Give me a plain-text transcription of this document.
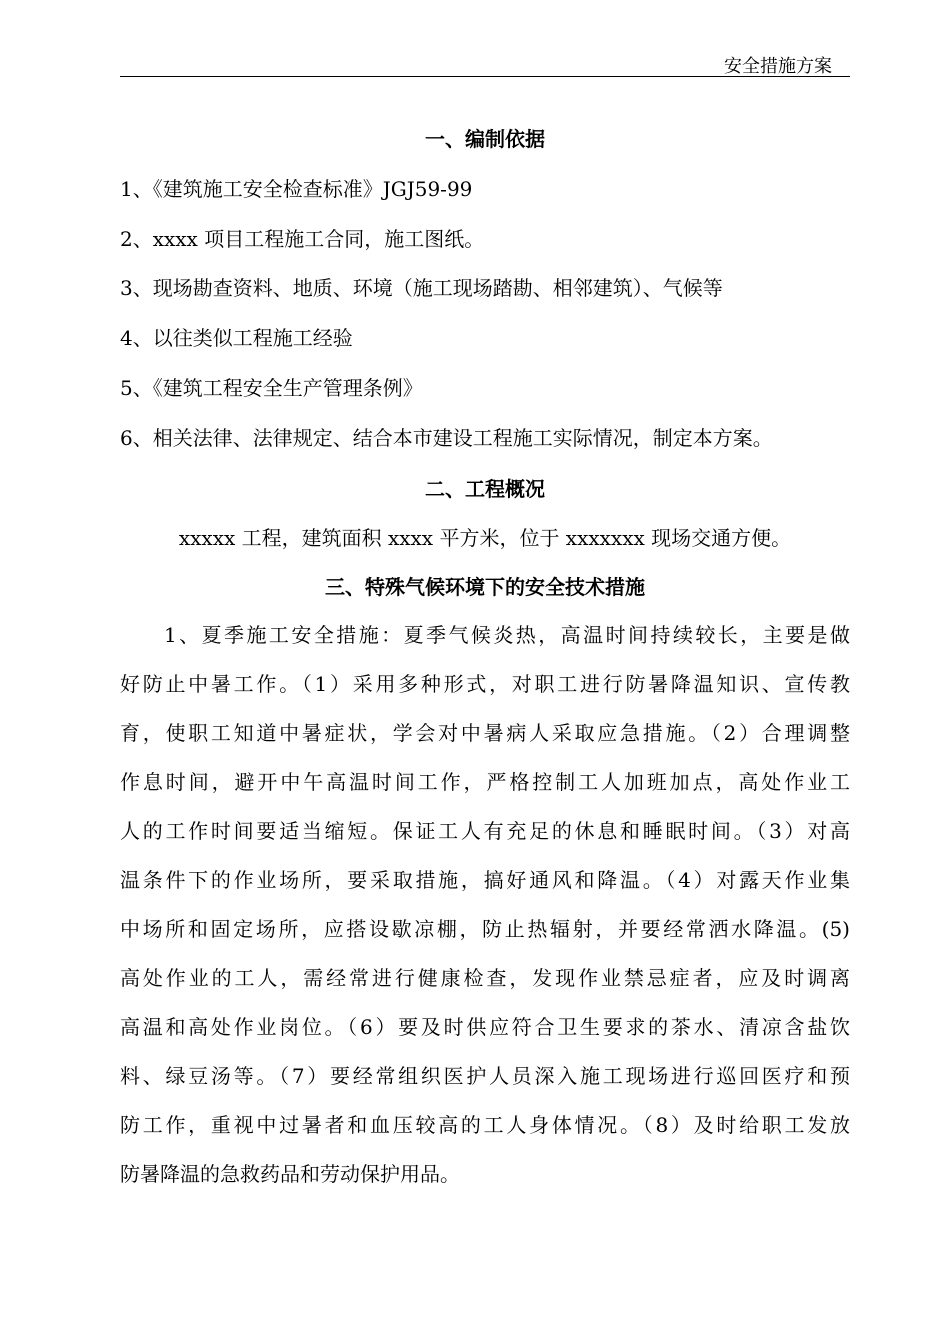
安全措施方案
一、编制依据
1、《建筑施工安全检查标准》JGJ59-99
2、xxxx 项目工程施工合同，施工图纸。
3、现场勘查资料、地质、环境（施工现场踏勘、相邻建筑）、气候等
4、以往类似工程施工经验
5、《建筑工程安全生产管理条例》
6、相关法律、法律规定、结合本市建设工程施工实际情况，制定本方案。
二、工程概况
xxxxx 工程，建筑面积 xxxx 平方米，位于 xxxxxxx 现场交通方便。
三、特殊气候环境下的安全技术措施
1、夏季施工安全措施：夏季气候炎热，高温时间持续较长，主要是做
好防止中暑工作。（1）采用多种形式，对职工进行防暑降温知识、宣传教
育，使职工知道中暑症状，学会对中暑病人采取应急措施。（2）合理调整
作息时间，避开中午高温时间工作，严格控制工人加班加点，高处作业工
人的工作时间要适当缩短。保证工人有充足的休息和睡眠时间。（3）对高
温条件下的作业场所，要采取措施，搞好通风和降温。（4）对露天作业集
中场所和固定场所，应搭设歇凉棚，防止热辐射，并要经常洒水降温。(5)
高处作业的工人，需经常进行健康检查，发现作业禁忌症者，应及时调离
高温和高处作业岗位。（6）要及时供应符合卫生要求的茶水、清凉含盐饮
料、绿豆汤等。（7）要经常组织医护人员深入施工现场进行巡回医疗和预
防工作，重视中过暑者和血压较高的工人身体情况。（8）及时给职工发放
防暑降温的急救药品和劳动保护用品。
